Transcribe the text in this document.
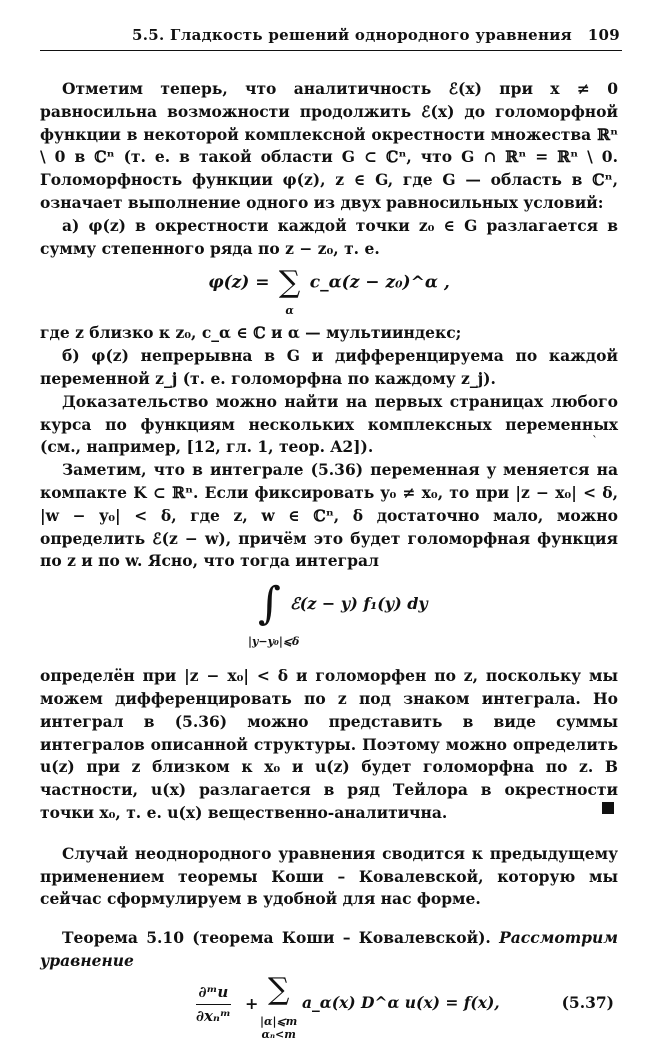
5.5. Гладкость решений однородного уравнения 109

Отметим теперь, что аналитичность ℰ(x) при x ≠ 0 равносильна возможности продолжить ℰ(x) до голоморфной функции в некоторой комплексной окрестности множества ℝⁿ \ 0 в ℂⁿ (т. е. в такой области G ⊂ ℂⁿ, что G ∩ ℝⁿ = ℝⁿ \ 0. Голоморфность функции φ(z), z ∈ G, где G — область в ℂⁿ, означает выполнение одного из двух равносильных условий:

а) φ(z) в окрестности каждой точки z₀ ∈ G разлагается в сумму степенного ряда по z − z₀, т. е.

φ(z) = ∑
α
c_α(z − z₀)^α ,

где z близко к z₀, c_α ∈ ℂ и α — мультииндекс;

б) φ(z) непрерывна в G и дифференцируема по каждой переменной z_j (т. е. голоморфна по каждому z_j).

Доказательство можно найти на первых страницах любого курса по функциям нескольких комплексных переменных (см., например, [12, гл. 1, теор. A2]).

Заметим, что в интеграле (5.36) переменная y меняется на компакте K ⊂ ℝⁿ. Если фиксировать y₀ ≠ x₀, то при |z − x₀| < δ, |w − y₀| < δ, где z, w ∈ ℂⁿ, δ достаточно мало, можно определить ℰ(z − w), причём это будет голоморфная функция по z и по w. Ясно, что тогда интеграл

∫ ℰ(z − y) f₁(y) dy
|y−y₀|⩽δ

определён при |z − x₀| < δ и голоморфен по z, поскольку мы можем дифференцировать по z под знаком интеграла. Но интеграл в (5.36) можно представить в виде суммы интегралов описанной структуры. Поэтому можно определить u(z) при z близком к x₀ и u(z) будет голоморфна по z. В частности, u(x) разлагается в ряд Тейлора в окрестности точки x₀, т. е. u(x) вещественно-аналитична.

Случай неоднородного уравнения сводится к предыдущему применением теоремы Коши – Ковалевской, которую мы сейчас сформулируем в удобной для нас форме.

Теорема 5.10 (теорема Коши – Ковалевской). Рассмотрим уравнение

∂ᵐu
∂xₙᵐ
+ ∑
|α|⩽m
αₙ<m
a_α(x) D^α u(x) = f(x),	(5.37)
`
